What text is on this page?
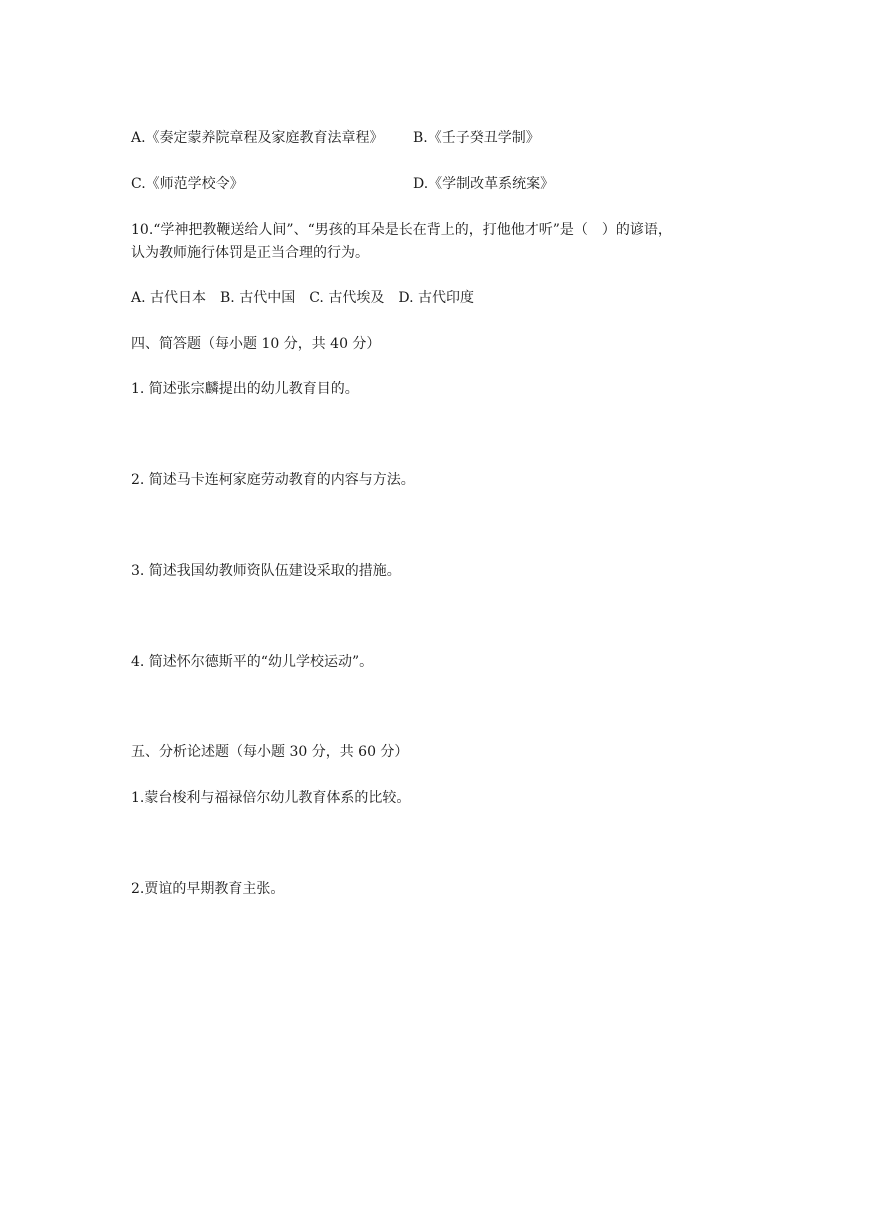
A.《奏定蒙养院章程及家庭教育法章程》 B.《壬子癸丑学制》
C.《师范学校令》	D.《学制改革系统案》
10.“学神把教鞭送给人间”、“男孩的耳朵是长在背上的，打他他才听”是（　）的谚语，
认为教师施行体罚是正当合理的行为。
A. 古代日本 B. 古代中国 C. 古代埃及 D. 古代印度
四、简答题（每小题 10 分，共 40 分）
1. 简述张宗麟提出的幼儿教育目的。
2. 简述马卡连柯家庭劳动教育的内容与方法。
3. 简述我国幼教师资队伍建设采取的措施。
4. 简述怀尔德斯平的“幼儿学校运动”。
五、分析论述题（每小题 30 分，共 60 分）
1.蒙台梭利与福禄倍尔幼儿教育体系的比较。
2.贾谊的早期教育主张。
